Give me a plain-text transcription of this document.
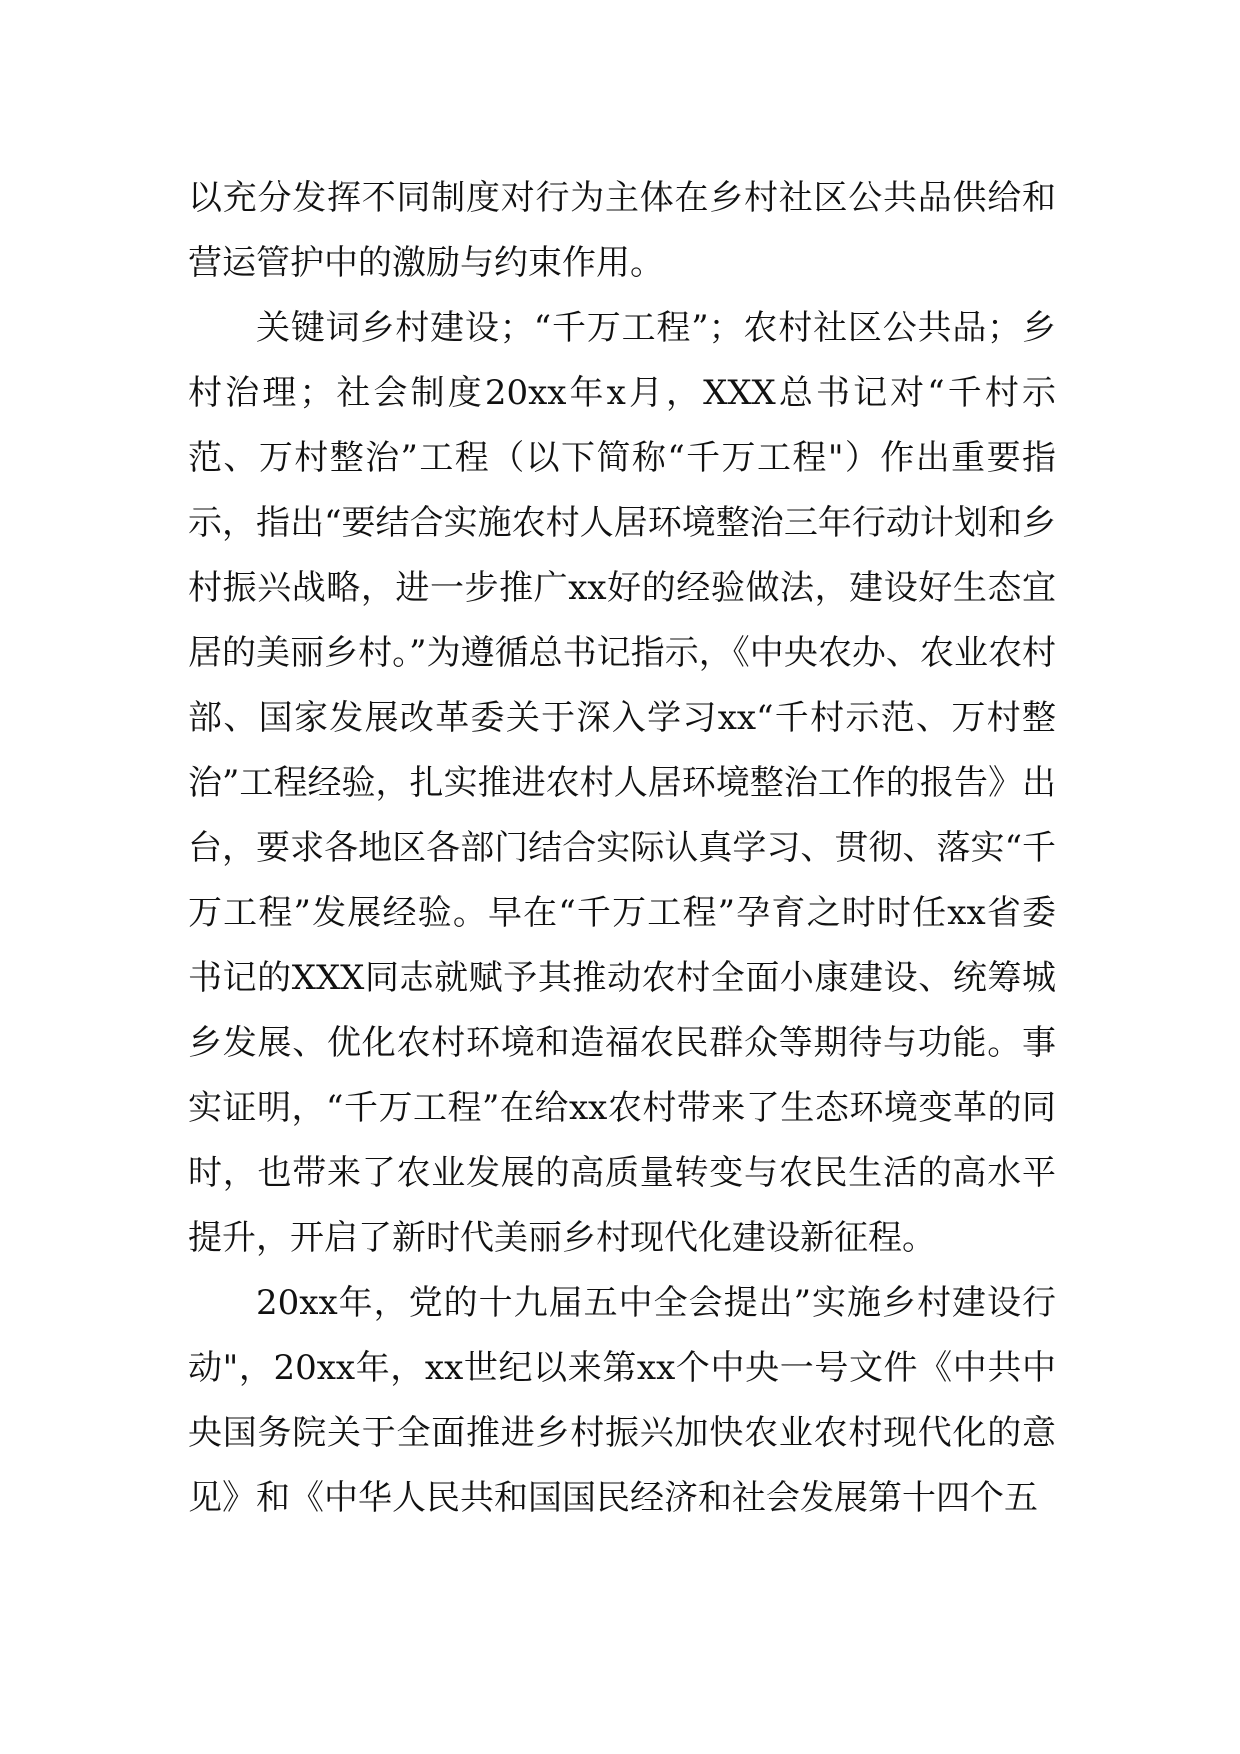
以充分发挥不同制度对行为主体在乡村社区公共品供给和营运管护中的激励与约束作用。

关键词乡村建设；“千万工程”；农村社区公共品；乡村治理；社会制度20xx年x月，XXX总书记对“千村示范、万村整治”工程（以下简称“千万工程"）作出重要指示，指出“要结合实施农村人居环境整治三年行动计划和乡村振兴战略，进一步推广xx好的经验做法，建设好生态宜居的美丽乡村。”为遵循总书记指示，《中央农办、农业农村部、国家发展改革委关于深入学习xx“千村示范、万村整治”工程经验，扎实推进农村人居环境整治工作的报告》出台，要求各地区各部门结合实际认真学习、贯彻、落实“千万工程”发展经验。早在“千万工程”孕育之时时任xx省委书记的XXX同志就赋予其推动农村全面小康建设、统筹城乡发展、优化农村环境和造福农民群众等期待与功能。事实证明，“千万工程”在给xx农村带来了生态环境变革的同时，也带来了农业发展的高质量转变与农民生活的高水平提升，开启了新时代美丽乡村现代化建设新征程。

20xx年，党的十九届五中全会提出”实施乡村建设行动"，20xx年，xx世纪以来第xx个中央一号文件《中共中央国务院关于全面推进乡村振兴加快农业农村现代化的意见》和《中华人民共和国国民经济和社会发展第十四个五
